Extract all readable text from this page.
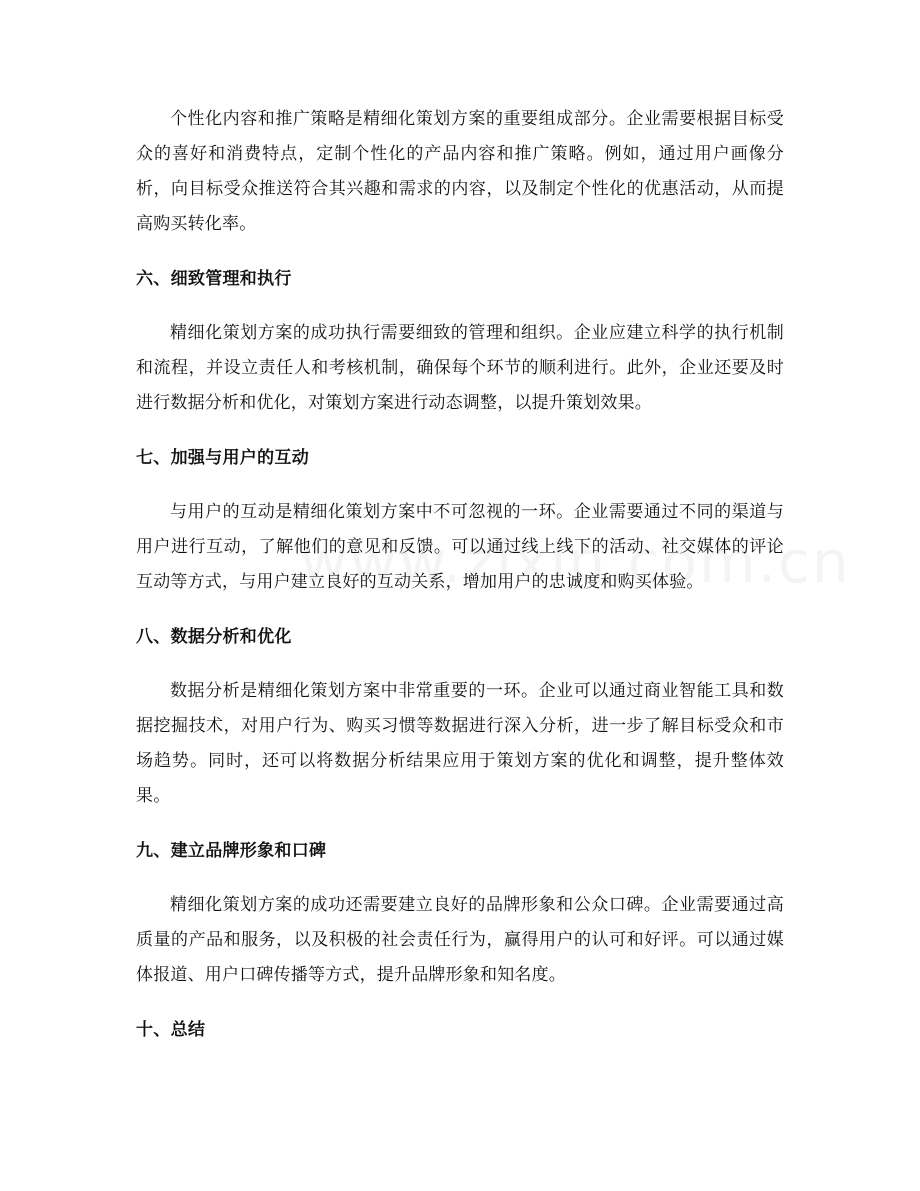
个性化内容和推广策略是精细化策划方案的重要组成部分。企业需要根据目标受众的喜好和消费特点，定制个性化的产品内容和推广策略。例如，通过用户画像分析，向目标受众推送符合其兴趣和需求的内容，以及制定个性化的优惠活动，从而提高购买转化率。

六、细致管理和执行

精细化策划方案的成功执行需要细致的管理和组织。企业应建立科学的执行机制和流程，并设立责任人和考核机制，确保每个环节的顺利进行。此外，企业还要及时进行数据分析和优化，对策划方案进行动态调整，以提升策划效果。

七、加强与用户的互动

与用户的互动是精细化策划方案中不可忽视的一环。企业需要通过不同的渠道与用户进行互动，了解他们的意见和反馈。可以通过线上线下的活动、社交媒体的评论互动等方式，与用户建立良好的互动关系，增加用户的忠诚度和购买体验。

八、数据分析和优化

数据分析是精细化策划方案中非常重要的一环。企业可以通过商业智能工具和数据挖掘技术，对用户行为、购买习惯等数据进行深入分析，进一步了解目标受众和市场趋势。同时，还可以将数据分析结果应用于策划方案的优化和调整，提升整体效果。

九、建立品牌形象和口碑

精细化策划方案的成功还需要建立良好的品牌形象和公众口碑。企业需要通过高质量的产品和服务，以及积极的社会责任行为，赢得用户的认可和好评。可以通过媒体报道、用户口碑传播等方式，提升品牌形象和知名度。

十、总结
